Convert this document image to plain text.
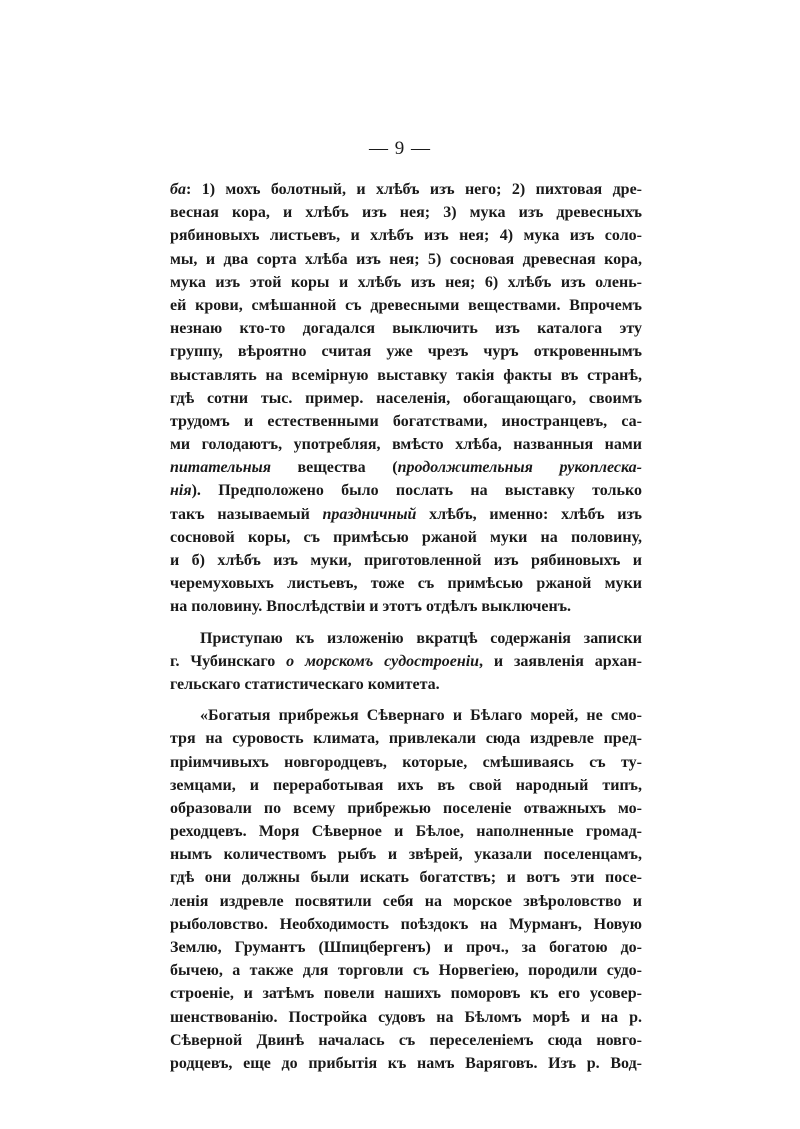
— 9 —
ба: 1) мохъ болотный, и хлѣбъ изъ него; 2) пихтовая дре-
весная кора, и хлѣбъ изъ нея; 3) мука изъ древесныхъ
рябиновыхъ листьевъ, и хлѣбъ изъ нея; 4) мука изъ соло-
мы, и два сорта хлѣба изъ нея; 5) сосновая древесная кора,
мука изъ этой коры и хлѣбъ изъ нея; 6) хлѣбъ изъ олень-
ей крови, смѣшанной съ древесными веществами. Впрочемъ
незнаю кто-то догадался выключить изъ каталога эту
группу, вѣроятно считая уже чрезъ чуръ откровеннымъ
выставлять на всемірную выставку такія факты въ странѣ,
гдѣ сотни тыс. пример. населенія, обогащающаго, своимъ
трудомъ и естественными богатствами, иностранцевъ, са-
ми голодаютъ, употребляя, вмѣсто хлѣба, названныя нами
питательныя вещества (продолжительныя рукоплеска-
нія). Предположено было послать на выставку только
такъ называемый праздничный хлѣбъ, именно: хлѣбъ изъ
сосновой коры, съ примѣсью ржаной муки на половину,
и б) хлѣбъ изъ муки, приготовленной изъ рябиновыхъ и
черемуховыхъ листьевъ, тоже съ примѣсью ржаной муки
на половину. Впослѣдствіи и этотъ отдѣлъ выключенъ.
Приступаю къ изложенію вкратцѣ содержанія записки
г. Чубинскаго о морскомъ судостроеніи, и заявленія архан-
гельскаго статистическаго комитета.
«Богатыя прибрежья Сѣвернаго и Бѣлаго морей, не смо-
тря на суровость климата, привлекали сюда издревле пред-
пріимчивыхъ новгородцевъ, которые, смѣшиваясь съ ту-
земцами, и переработывая ихъ въ свой народный типъ,
образовали по всему прибрежью поселеніе отважныхъ мо-
реходцевъ. Моря Сѣверное и Бѣлое, наполненные громад-
нымъ количествомъ рыбъ и звѣрей, указали поселенцамъ,
гдѣ они должны были искать богатствъ; и вотъ эти посе-
ленія издревле посвятили себя на морское звѣроловство и
рыболовство. Необходимость поѣздокъ на Мурманъ, Новую
Землю, Грумантъ (Шпицбергенъ) и проч., за богатою до-
бычею, а также для торговли съ Норвегіею, породили судо-
строеніе, и затѣмъ повели нашихъ поморовъ къ его усовер-
шенствованію. Постройка судовъ на Бѣломъ морѣ и на р.
Сѣверной Двинѣ началась съ переселеніемъ сюда новго-
родцевъ, еще до прибытія къ намъ Варяговъ. Изъ р. Вод-
